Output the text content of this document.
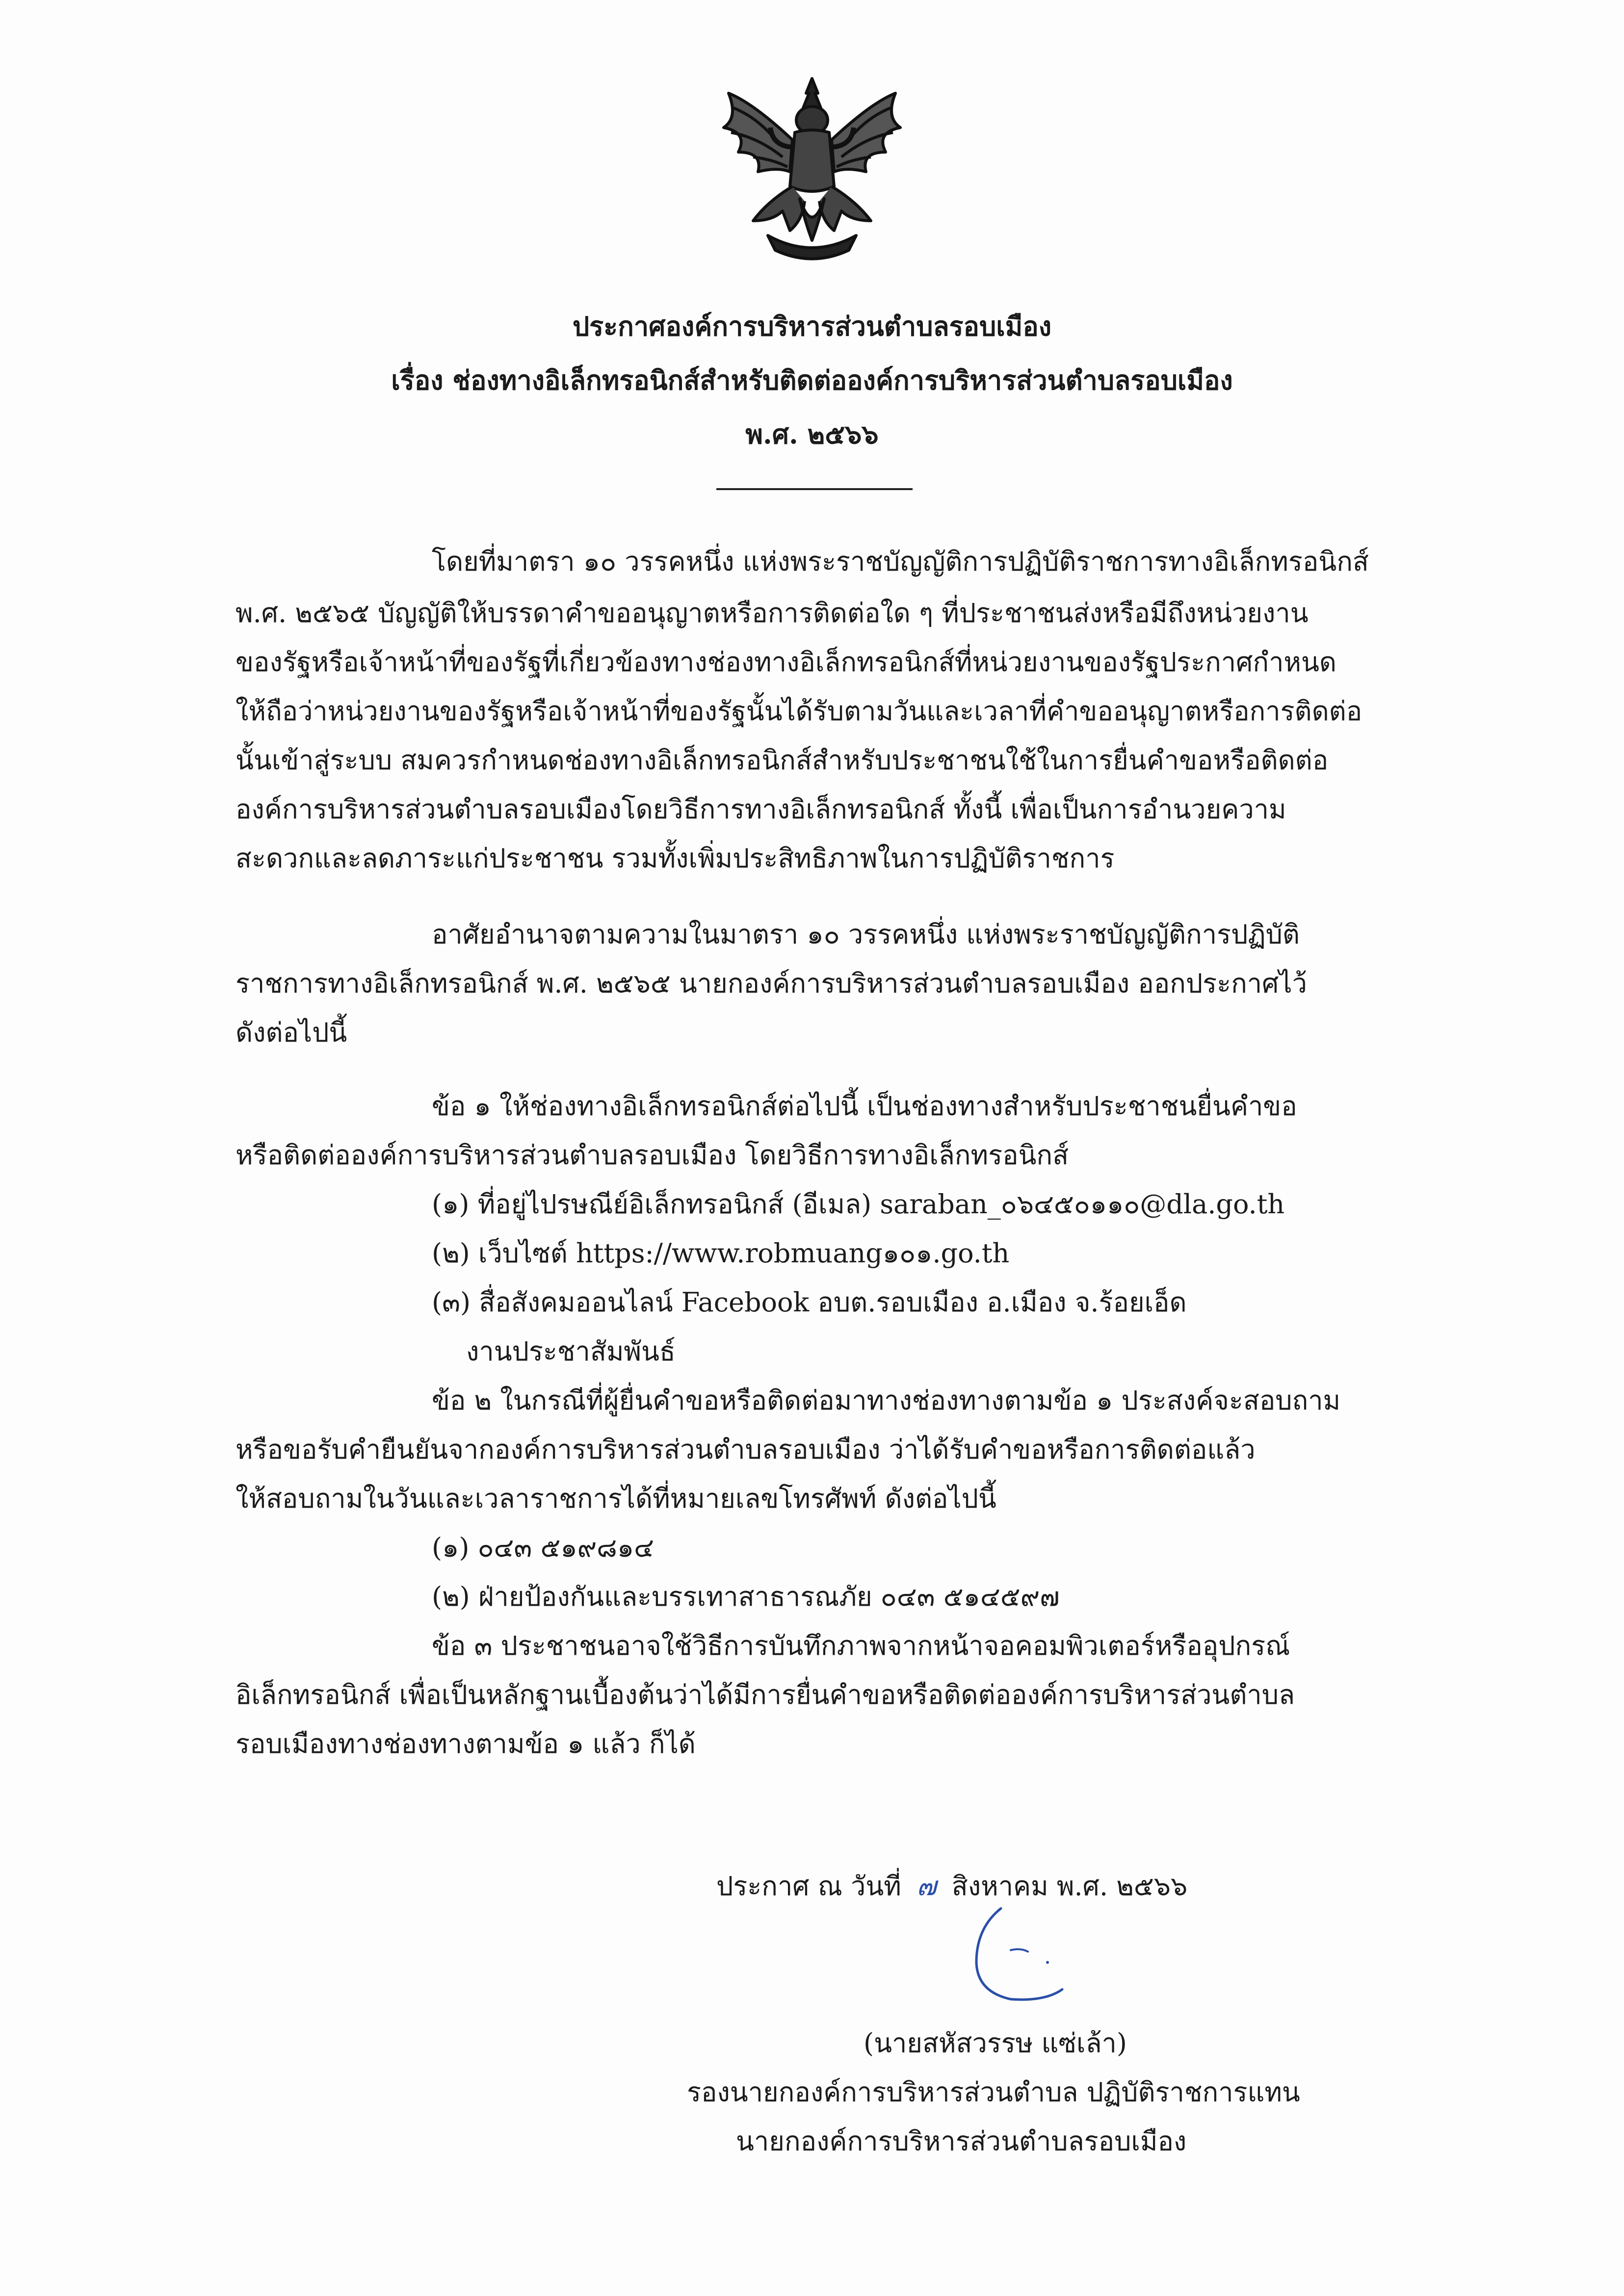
ประกาศองค์การบริหารส่วนตำบลรอบเมือง
เรื่อง ช่องทางอิเล็กทรอนิกส์สำหรับติดต่อองค์การบริหารส่วนตำบลรอบเมือง
พ.ศ. ๒๕๖๖
โดยที่มาตรา ๑๐ วรรคหนึ่ง แห่งพระราชบัญญัติการปฏิบัติราชการทางอิเล็กทรอนิกส์
พ.ศ. ๒๕๖๕ บัญญัติให้บรรดาคำขออนุญาตหรือการติดต่อใด ๆ ที่ประชาชนส่งหรือมีถึงหน่วยงาน
ของรัฐหรือเจ้าหน้าที่ของรัฐที่เกี่ยวข้องทางช่องทางอิเล็กทรอนิกส์ที่หน่วยงานของรัฐประกาศกำหนด
ให้ถือว่าหน่วยงานของรัฐหรือเจ้าหน้าที่ของรัฐนั้นได้รับตามวันและเวลาที่คำขออนุญาตหรือการติดต่อ
นั้นเข้าสู่ระบบ สมควรกำหนดช่องทางอิเล็กทรอนิกส์สำหรับประชาชนใช้ในการยื่นคำขอหรือติดต่อ
องค์การบริหารส่วนตำบลรอบเมืองโดยวิธีการทางอิเล็กทรอนิกส์ ทั้งนี้ เพื่อเป็นการอำนวยความ
สะดวกและลดภาระแก่ประชาชน รวมทั้งเพิ่มประสิทธิภาพในการปฏิบัติราชการ
อาศัยอำนาจตามความในมาตรา ๑๐ วรรคหนึ่ง แห่งพระราชบัญญัติการปฏิบัติ
ราชการทางอิเล็กทรอนิกส์ พ.ศ. ๒๕๖๕ นายกองค์การบริหารส่วนตำบลรอบเมือง ออกประกาศไว้
ดังต่อไปนี้
ข้อ ๑ ให้ช่องทางอิเล็กทรอนิกส์ต่อไปนี้ เป็นช่องทางสำหรับประชาชนยื่นคำขอ
หรือติดต่อองค์การบริหารส่วนตำบลรอบเมือง โดยวิธีการทางอิเล็กทรอนิกส์
(๑) ที่อยู่ไปรษณีย์อิเล็กทรอนิกส์ (อีเมล) saraban_๐๖๔๕๐๑๑๐@dla.go.th
(๒) เว็บไซต์ https://www.robmuang๑๐๑.go.th
(๓) สื่อสังคมออนไลน์ Facebook อบต.รอบเมือง อ.เมือง จ.ร้อยเอ็ด
งานประชาสัมพันธ์
ข้อ ๒ ในกรณีที่ผู้ยื่นคำขอหรือติดต่อมาทางช่องทางตามข้อ ๑ ประสงค์จะสอบถาม
หรือขอรับคำยืนยันจากองค์การบริหารส่วนตำบลรอบเมือง ว่าได้รับคำขอหรือการติดต่อแล้ว
ให้สอบถามในวันและเวลาราชการได้ที่หมายเลขโทรศัพท์ ดังต่อไปนี้
(๑) ๐๔๓ ๕๑๙๘๑๔
(๒) ฝ่ายป้องกันและบรรเทาสาธารณภัย ๐๔๓ ๕๑๔๕๙๗
ข้อ ๓ ประชาชนอาจใช้วิธีการบันทึกภาพจากหน้าจอคอมพิวเตอร์หรืออุปกรณ์
อิเล็กทรอนิกส์ เพื่อเป็นหลักฐานเบื้องต้นว่าได้มีการยื่นคำขอหรือติดต่อองค์การบริหารส่วนตำบล
รอบเมืองทางช่องทางตามข้อ ๑ แล้ว ก็ได้
ประกาศ ณ วันที่ ๗ สิงหาคม พ.ศ. ๒๕๖๖
(นายสหัสวรรษ แซ่เล้า)
รองนายกองค์การบริหารส่วนตำบล ปฏิบัติราชการแทน
นายกองค์การบริหารส่วนตำบลรอบเมือง
